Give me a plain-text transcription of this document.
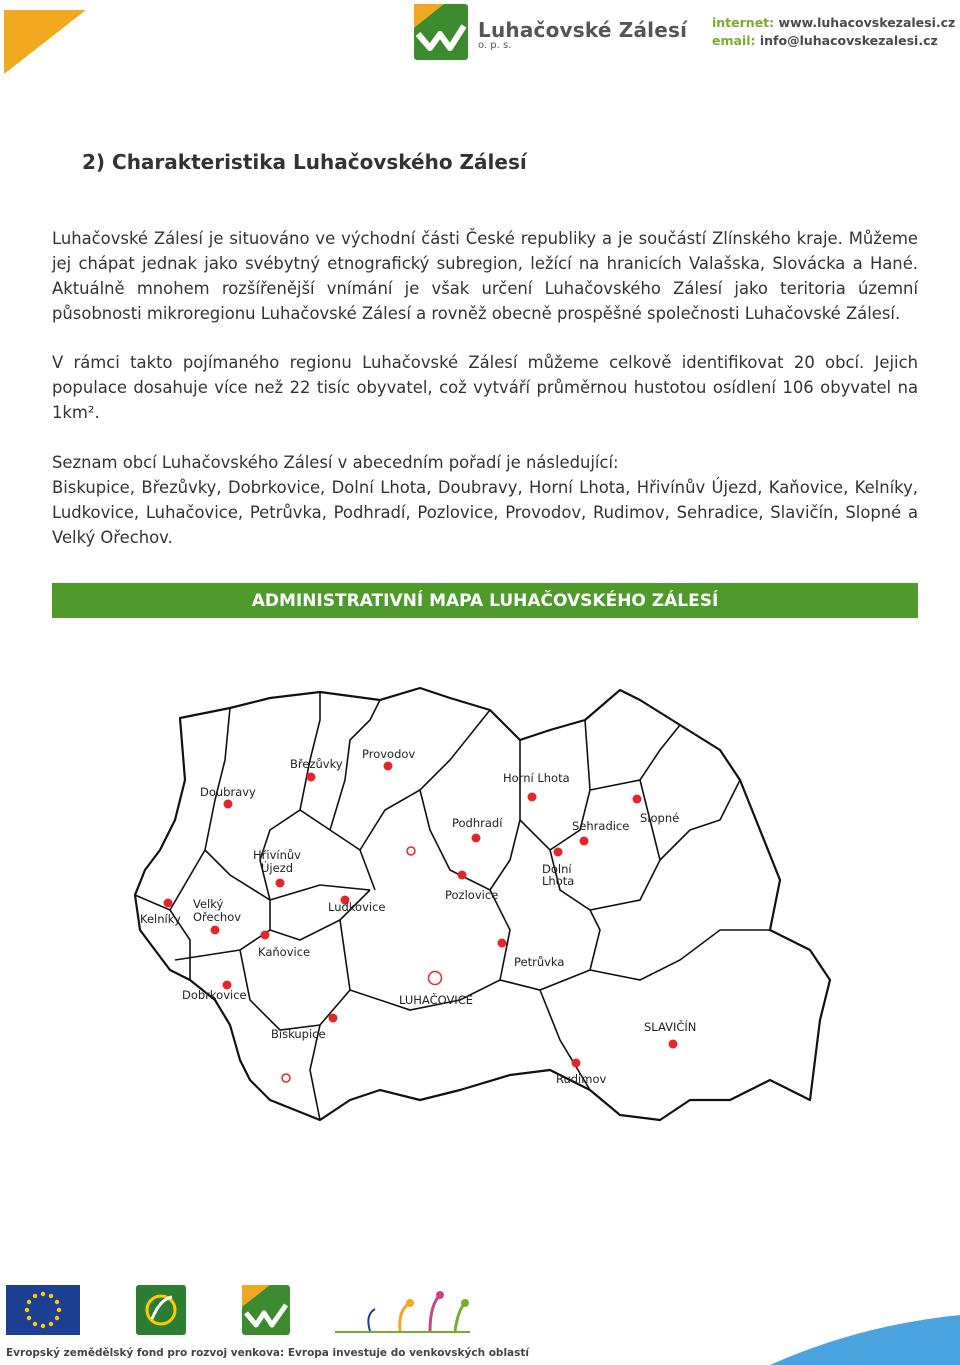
Luhačovské Zálesí
o. p. s.
internet: www.luhacovskezalesi.cz
email: info@luhacovskezalesi.cz
2) Charakteristika Luhačovského Zálesí

Luhačovské Zálesí je situováno ve východní části České republiky a je součástí Zlínského kraje. Můžeme jej chápat jednak jako svébytný etnografický subregion, ležící na hranicích Valašska, Slovácka a Hané. Aktuálně mnohem rozšířenější vnímání je však určení Luhačovského Zálesí jako teritoria územní působnosti mikroregionu Luhačovské Zálesí a rovněž obecně prospěšné společnosti Luhačovské Zálesí.

V rámci takto pojímaného regionu Luhačovské Zálesí můžeme celkově identifikovat 20 obcí. Jejich populace dosahuje více než 22 tisíc obyvatel, což vytváří průměrnou hustotou osídlení 106 obyvatel na 1km².

Seznam obcí Luhačovského Zálesí v abecedním pořadí je následující:

Biskupice, Březůvky, Dobrkovice, Dolní Lhota, Doubravy, Horní Lhota, Hřivínův Újezd, Kaňovice, Kelníky, Ludkovice, Luhačovice, Petrůvka, Podhradí, Pozlovice, Provodov, Rudimov, Sehradice, Slavičín, Slopné a Velký Ořechov.

ADMINISTRATIVNÍ MAPA LUHAČOVSKÉHO ZÁLESÍ
Březůvky
Provodov
Horní Lhota
Doubravy
Podhradí	Sehradice
Slopné
Hřivínův
Újezd	Dolní
Lhota
Pozlovice
Velký
Ořechov
Kelníky
Ludkovice
Kaňovice
Petrůvka
Dobrkovice	LUHAČOVICE
SLAVIČÍN
Biskupice
Rudimov
Evropský zemědělský fond pro rozvoj venkova: Evropa investuje do venkovských oblastí
